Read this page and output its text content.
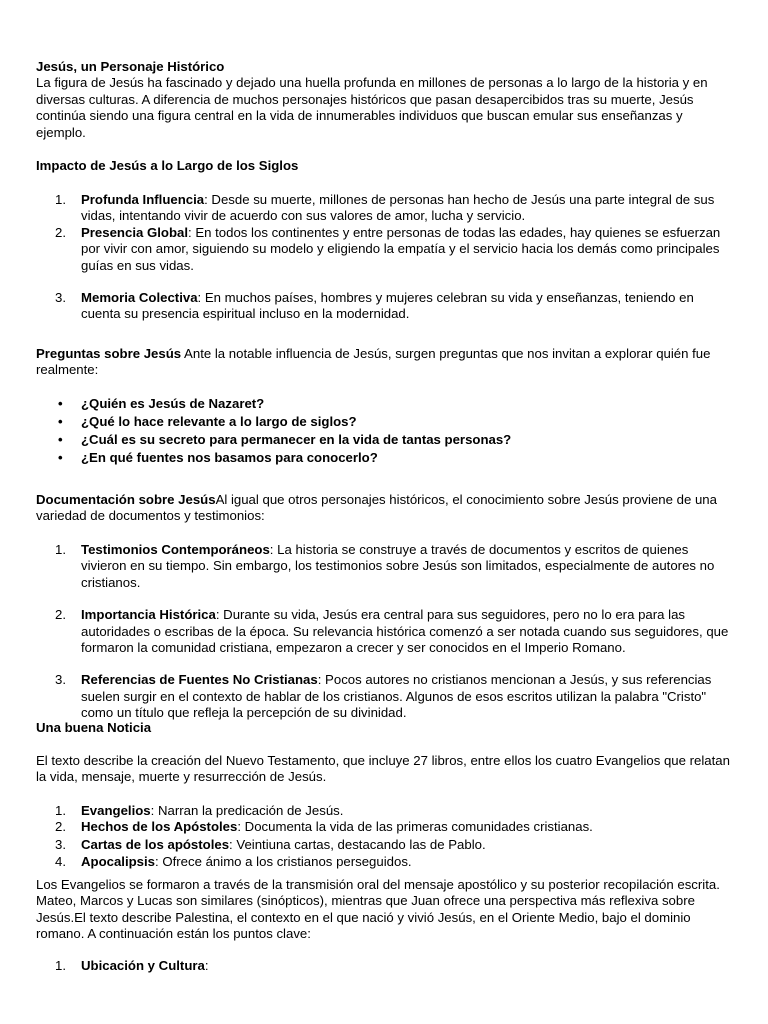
Jesús, un Personaje Histórico
La figura de Jesús ha fascinado y dejado una huella profunda en millones de personas a lo largo de la historia y en diversas culturas. A diferencia de muchos personajes históricos que pasan desapercibidos tras su muerte, Jesús continúa siendo una figura central en la vida de innumerables individuos que buscan emular sus enseñanzas y ejemplo.

Impacto de Jesús a lo Largo de los Siglos

1. Profunda Influencia: Desde su muerte, millones de personas han hecho de Jesús una parte integral de sus vidas, intentando vivir de acuerdo con sus valores de amor, lucha y servicio.
2. Presencia Global: En todos los continentes y entre personas de todas las edades, hay quienes se esfuerzan por vivir con amor, siguiendo su modelo y eligiendo la empatía y el servicio hacia los demás como principales guías en sus vidas.
3. Memoria Colectiva: En muchos países, hombres y mujeres celebran su vida y enseñanzas, teniendo en cuenta su presencia espiritual incluso en la modernidad.

Preguntas sobre Jesús Ante la notable influencia de Jesús, surgen preguntas que nos invitan a explorar quién fue realmente:

• ¿Quién es Jesús de Nazaret?
• ¿Qué lo hace relevante a lo largo de siglos?
• ¿Cuál es su secreto para permanecer en la vida de tantas personas?
• ¿En qué fuentes nos basamos para conocerlo?

Documentación sobre JesúsAl igual que otros personajes históricos, el conocimiento sobre Jesús proviene de una variedad de documentos y testimonios:

1. Testimonios Contemporáneos: La historia se construye a través de documentos y escritos de quienes vivieron en su tiempo. Sin embargo, los testimonios sobre Jesús son limitados, especialmente de autores no cristianos.
2. Importancia Histórica: Durante su vida, Jesús era central para sus seguidores, pero no lo era para las autoridades o escribas de la época. Su relevancia histórica comenzó a ser notada cuando sus seguidores, que formaron la comunidad cristiana, empezaron a crecer y ser conocidos en el Imperio Romano.
3. Referencias de Fuentes No Cristianas: Pocos autores no cristianos mencionan a Jesús, y sus referencias suelen surgir en el contexto de hablar de los cristianos. Algunos de esos escritos utilizan la palabra "Cristo" como un título que refleja la percepción de su divinidad.

Una buena Noticia

El texto describe la creación del Nuevo Testamento, que incluye 27 libros, entre ellos los cuatro Evangelios que relatan la vida, mensaje, muerte y resurrección de Jesús.

1. Evangelios: Narran la predicación de Jesús.
2. Hechos de los Apóstoles: Documenta la vida de las primeras comunidades cristianas.
3. Cartas de los apóstoles: Veintiuna cartas, destacando las de Pablo.
4. Apocalipsis: Ofrece ánimo a los cristianos perseguidos.

Los Evangelios se formaron a través de la transmisión oral del mensaje apostólico y su posterior recopilación escrita. Mateo, Marcos y Lucas son similares (sinópticos), mientras que Juan ofrece una perspectiva más reflexiva sobre Jesús.El texto describe Palestina, el contexto en el que nació y vivió Jesús, en el Oriente Medio, bajo el dominio romano. A continuación están los puntos clave:

1. Ubicación y Cultura:
